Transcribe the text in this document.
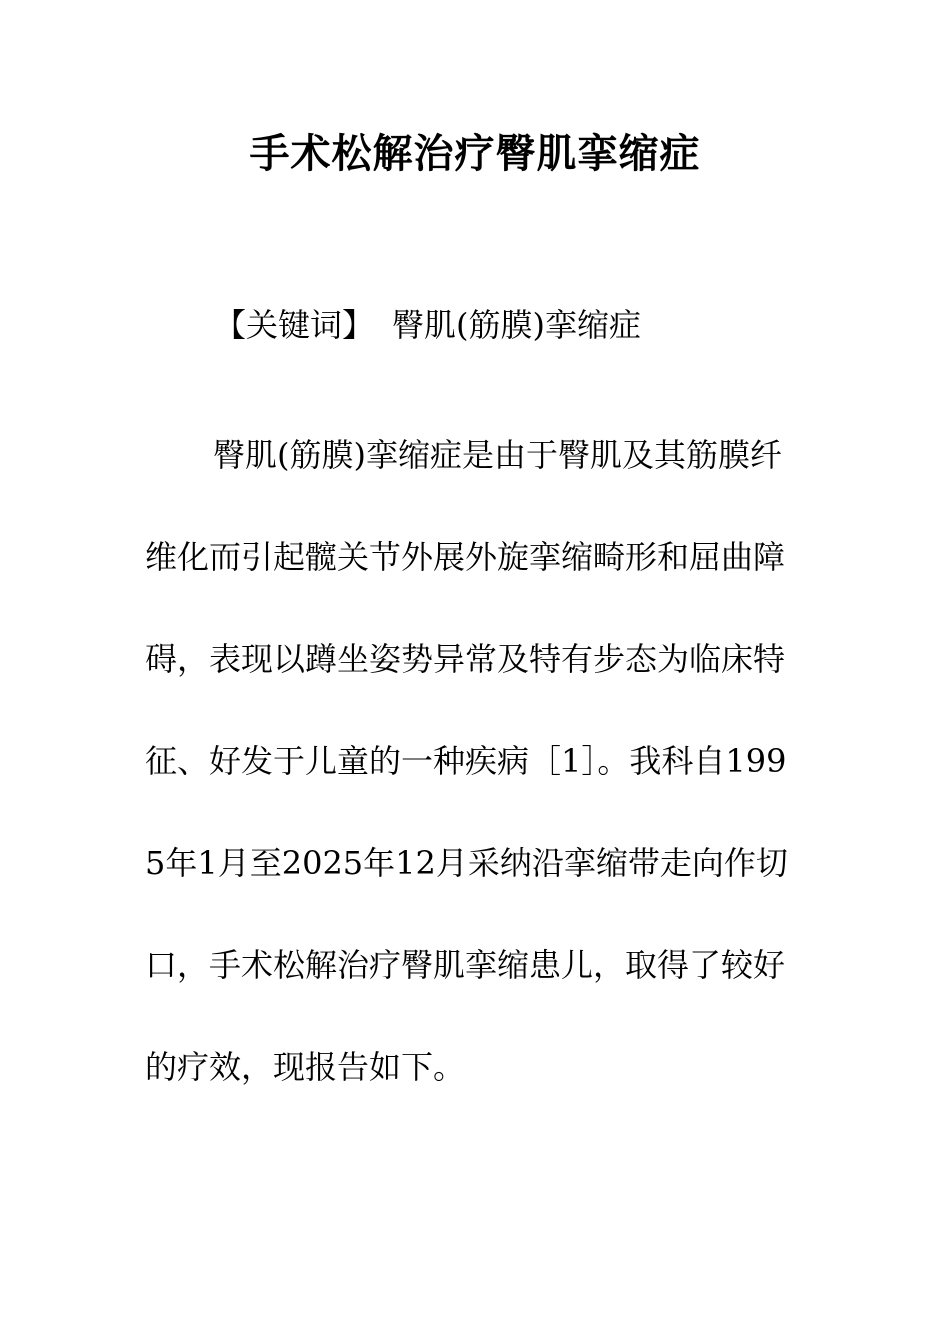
手术松解治疗臀肌挛缩症
【关键词】 臀肌(筋膜)挛缩症

臀肌(筋膜)挛缩症是由于臀肌及其筋膜纤维化而引起髋关节外展外旋挛缩畸形和屈曲障碍，表现以蹲坐姿势异常及特有步态为临床特征、好发于儿童的一种疾病［1］。我科自1995年1月至2025年12月采纳沿挛缩带走向作切口，手术松解治疗臀肌挛缩患儿，取得了较好的疗效，现报告如下。
